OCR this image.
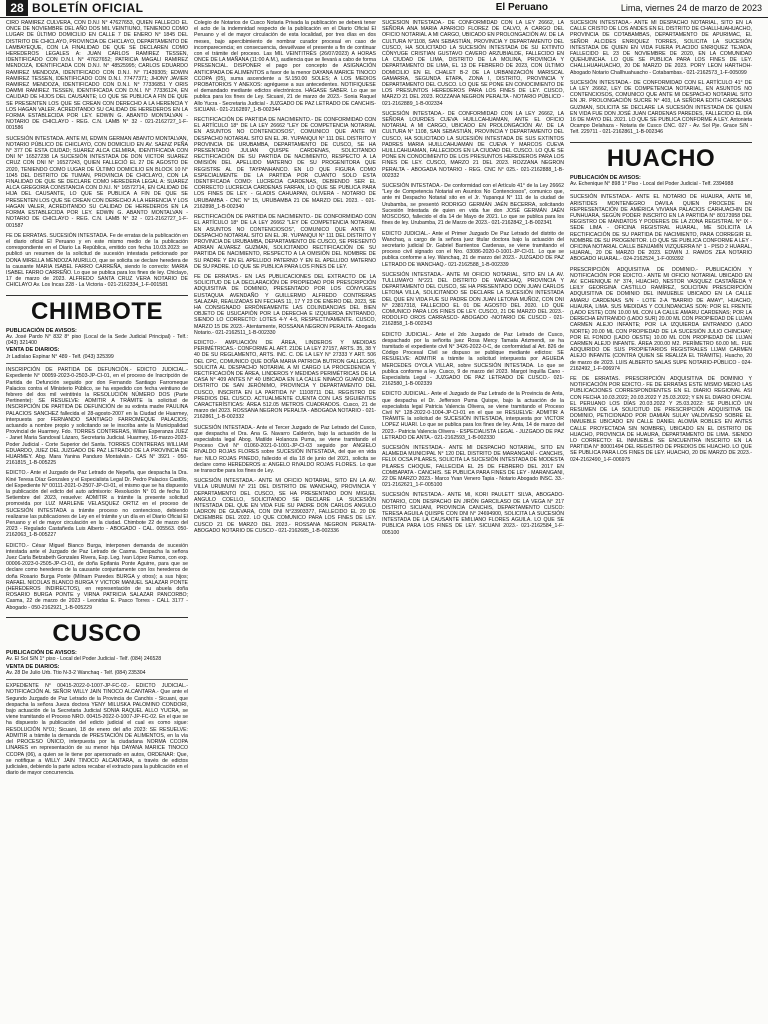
28 BOLETÍN OFICIAL	El Peruano	Lima, viernes 24 de marzo de 2023

CIRO RAMIREZ CULVERA, CON D.N.I N° 47627653, QUIEN FALLECIÓ EL ONCE DE NOVIEMBRE DEL AÑO DOS MIL VEINTIUNO, TENIENDO COMO LUGAR DE ÚLTIMO DOMICILIO EN CALLE 7 DE ENERO N° 1845 DEL DISTRITO DE CHICLAYO, PROVINCIA DE CHICLAYO, DEPARTAMENTO DE LAMBAYEQUE, CON LA FINALIDAD DE QUE SE DECLAREN COMO HEREDEROS LEGALES A: JUAN CARLOS RAMIREZ TESSEN, IDENTIFICADO CON D.N.I. N° 47627652; PATRICIA MAGALI RAMIREZ MENDOZA, IDENTIFICADA CON D.N.I. N° 48525995; CARLOS EDUARDO RAMIREZ MENDOZA, IDENTIFICADO CON D.N.I. N° 71439305; EDWIN RAMIREZ TESSEN, IDENTIFICADO CON D.N.I. 77477371; JHONY JAVIER RAMIREZ MENDOZA, IDENTIFICADO CON D.N.I. N° 77336851 Y ORIS DAMMI RAMIREZ TESSEN, IDENTIFICADA CON D.N.I. N° 77336124, EN CALIDAD DE HIJOS DEL CAUSANTE; LO QUE SE PUBLICA A FIN DE QUE SE PRESENTEN LOS QUE SE CREAN CON DERECHO A LA HERENCIA Y LOS HAGAN VALER. ACREDITANDO SU CALIDAD DE HEREDEROS EN LA FORMA ESTABLECIDA POR LEY. EDWIN G. ABANTO MONTALVAN - NOTARIO DE CHICLAYO - REG. C.N. LAMB N° 32 - 021-2162727_1-F-001586

SUCESIÓN INTESTADA. ANTE MI, EDWIN GERMAN ABANTO MONTALVAN, NOTARIO PÚBLICO DE CHICLAYO, CON DOMICILIO EN AV. SAENZ PEÑA N° 377 DE ESTA CIUDAD; SUAREZ ALCA CELMIRA, IDENTIFICADA CON DNI N° 16527238 LA SUCESIÓN INTESTADA DE DON VICTOR SUAREZ CRUZ CON DNI N° 16527243, QUIEN FALLECIÓ EL 27 DE AGOSTO DE 2020, TENIENDO COMO LUGAR DE ÚLTIMO DOMICILIO EN BLOCK 10 N° 1045 DEL DISTRITO DE TUMAN, PROVINCIA DE CHICLAYO, CON LA FINALIDAD DE QUE SE DECLARE COMO HEREDERA LEGAL A: SUAREZ ALCA GREGORIA CONSTANCIA CON D.N.I. N° 16572714, EN CALIDAD DE HIJA DEL CAUSANTE, LO QUE SE PUBLICA A FIN DE QUE SE PRESENTEN LOS QUE SE CREAN CON DERECHO A LA HERENCIA Y LOS HAGAN VALER, ACREDITANDO SU CALIDAD DE HEREDEROS EN LA FORMA ESTABLECIDA POR LEY. EDWIN G. ABANTO MONTALVAN - NOTARIO DE CHICLAYO - REG. C.N. LAMB N° 32 - 021-2162727_1-F-001587

FE DE ERRATAS. SUCESIÓN INTESTADA. Fe de erratas de la publicación en el diario oficial El Peruano y en este mismo medio de la publicación correspondiente en el Diario La República, emitido con fecha 10.03.2023: se publicó un resumen de la solicitud de sucesión intestada peticionado por DONA MIRELLA MENDOZA MURILLO, que se solicita se declare heredera de la causante MARIA ISABEL FARRO CARREÑA, siendo lo correcto: MARIA ISABEL FARRO CARREÑO. Lo que se publica para los fines de ley. Chiclayo, 17 de marzo de 2023. ALFREDO SANTA CRUZ VERA NOTARIO DE CHICLAYO Av. Los Incas 228 - La Victoria - 021-2162334_1-F-001581

CHIMBOTE
PUBLICACIÓN DE AVISOS:
Av. José Pardo N° 832 8° piso (Local de la Sede Judicial Principal) - Telf.: (043) 321400
VENTA DE DIARIOS:
Jr Ladislao Espinar N° 489 - Telf. (043) 325399

INSCRIPCIÓN DE PARTIDA DE DEFUNCIÓN.- EDICTO JUDICIAL.- Expediente N° 00059-2023-0-2503-JP-CI-01, en el proceso de Inscripción de Partida de Defunción seguido por don Fernando Santiago Farromeque Palacios contra el Ministerio Público, se ha expedido con fecha veintiuno de febrero del dos mil veintitrés la RESOLUCIÓN NÚMERO DOS (Parte Pertinente): SE RESUELVE: ADMITIR A TRÁMITE la solicitud de INSCRIPCIÓN DE PARTIDA DE DEFUNCIÓN de su extinta madre PAULINA PALACIOS SANCHEZ fallecida el 28-agosto-2007 en la Ciudad de Huarmey, interpuesta por FERNANDO SANTIAGO FARROMEQUE PALACIOS; actuando a nombre propio y solicitando se le inscriba ante la Municipalidad Provincial de Huarmey. Fdo. TORRES CONTRERAS, Wilian Esperanza JUEZ - Janet Maria Sandoval Lázaro, Secretaria Judicial. Huarmey, 16-marzo-2023-Poder Judicial - Corte Superior del Santa. TORRES CONTRERAS WILLIAM EDUARDO, JUEZ DEL JUZGADO DE PAZ LETRADO DE LA PROVINCIA DE HUARMEY. Abg. Mara Yanina Panduro Montalván.- CAS N° 3921 - 050-2161815_1-B-005225

EDICTO.- Ante el Juzgado de Paz Letrado de Nepeña, que despacha la Dra. Kiné Teresa Díaz Gonzales y el Especialista Legal Dr. Pedro Palacios Castillo, del Expediente N° 00111-2021-0-2507-JP-CI-01, el mismo que se ha dispuesto la publicación del edicto del auto admisorio: Resolución N° 01 de fecha 10 Setiembre del 2023, resuelve: ADMITIR a trámite la presente solicitud promovida por LUZ MARLENE VELASQUEZ ORTIZ en el proceso de SUCESIÓN INTESTADA a trámite proceso no contencioso, debiendo realizarse las publicaciones de Ley en el trámite y un día en el Diario Oficial El Peruano y el de mayor circulación en la ciudad. Chimbote 22 de marzo del 2023 - Regulado Castañeda Luis Alberto - ABOGADO - CAL. 005563. 050-2162063_1-B-005227

EDICTO.- César Miguel Bianco Burga, interponen demanda de sucesión intestada ante el Juzgado de Paz Letrado de Casma. Despacha la señora Juez Carla Betzabeth Gonzales Rivera, Esp. Leg. Ivan López Ramos, con exp. 00006-2023-0-2505-JP-CI-01, de doña Epifania Ponte Aguirre, para que se declare como herederos de la causante conjuntamente con los herederos de doña Rosario Burga Ponte (Milnam Paredes BURGA y otros); a sus hijos; RAFAEL NICOLAS BLANCO BURGA Y VICTOR MANUEL SALAZAR PONTE (HEREDEROS INDIRECTOS), en representación de su abuela doña ROSARIO BURGA PONTE y VIRNA PATRICIA SALAZAR PANCORBO; Casma, 22 de marzo de 2023 - Leonidas E. Pasco Torres - CALL 3177 - Abogado - 050-2162921_1-B-005229

CUSCO
PUBLICACIÓN DE AVISOS:
Av. El Sol S/N 1° piso - Local del Poder Judicial - Telf. (084) 246528
VENTA DE DIARIOS:
Av. 28 De Julio Urb. Ttio N-3-2 Wanchaq - Telf. (084) 235304

EXPEDIENTE N° 00415-2022-0-1007-JP-FC-02.- EDICTO JUDICIAL.- NOTIFICACIÓN AL SEÑOR WILLY JAIN TINOCO ALCANTARA.- Que ante el Segundo Juzgado de Paz Letrado de la Provincia de Canchis - Sicuani, que despacha la señora Jueza doctora YENY MILUSKA PALOMINO CONDORI, bajo actuación de la Secretaria Judicial SONIA RAQUEL ALLO YUCRA, se viene tramitando el Proceso NRO. 00415-2022-0-1007-JP-FC-02. En el que se ha dispuesto la publicación del edicto judicial el cual es como sigue: RESOLUCIÓN N°01; Sicuani, 18 de enero del año 2023: SE RESUELVE: ADMITIR a trámite la demanda de PRESTACIÓN DE ALIMENTOS, en la vía del PROCESO ÚNICO, interpuesta por la ciudadana NORMA CCOPA LINARES en representación de su menor hija DAYANA MARICE TINOCO CCOPA (06), a quien se le tiene por apersonado en autos, ORDENAR: Que, se notifique a WILLY JAIN TINOCO ALCANTARA, a través de edictos judiciales, debiendo la parte actora recabar el extracto para la publicación en el diario de mayor concurrencia.

Colegio de Notarios de Cusco Notaria Privada la publicación se deberá tener el acto de la indemnidad respecto de la publicación en el Diario Oficial El Peruano y el de mayor circulación de esta localidad, por tres días en dos meses, bajo apercibimiento de nombrar curador procesal en caso de incomparecencia; en consecuencia, devuélvase el presente a fin de continuar con el trámite del proceso. Las MIL VEINTITRÉS (26/07/2023) A HORAS ONCE DE LA MAÑANA (11:00 A.M.), audiencia que se llevará a cabo de forma PRESENCIAL. DISPONER el pago por concepto de ASIGNACIÓN ANTICIPADA DE ALIMENTOS a favor de la menor DAYANA MARICE TINOCO CCOPA (05), suma ascendente a S/.150.00 SOLES; A LOS MEDIOS PROBATORIOS Y ANEXOS: agréguese a sus antecedentes. NOTIFIQUESE el demandado mediante edictos electrónicos. HÁGASE SABER. Lo que se publica para los fines de Ley. Sicuani, 21 de marzo de 2023.- Sonia Raquel Allo Yucra - Secretaria Judicial - JUZGADO DE PAZ LETRADO DE CANCHIS-SICUANI.- 021-2162897_1-B-002344

RECTIFICACIÓN DE PARTIDA DE NACIMIENTO.- DE CONFORMIDAD CON EL ARTÍCULO 18° DE LA LEY 26662 "LEY DE COMPETENCIA NOTARIAL EN ASUNTOS NO CONTENCIOSOS", COMUNICO QUE ANTE MI DESPACHO NOTARIAL SITO EN EL JR. YUPANQUI N° 111 DEL DISTRITO Y PROVINCIA DE URUBAMBA, DEPARTAMENTO DE CUSCO, SE HA PRESENTADO JULIAN QUISPE CARDENAS, SOLICITANDO RECTIFICACIÓN DE SU PARTIDA DE NACIMIENTO, RESPECTO A LA OMISIÓN DEL APELLIDO MATERNO DE SU PROGENITORA QUE REGISTRE AL DE TAYPANHANCO. EN LO QUE FIGURA COMO ESPECIALMENTE DE LA PARTIDA POR CUANTO SOLO ESTA IDENTIFICADA COMO: LUCRECIA CARDENAS, DEBIENDO SER EL CORRECTO LUCRECIA CARDENAS FARFAN, LO QUE SE PUBLICA PARA LOS FINES DE LEY. - GLADIS CAHUAPAN, OLIVERA - NOTARIO DE URUBAMBA - CNC N° 15, URUBAMBA 21 DE MARZO DEL 2023. - 021-2162898_1-B-002340

RECTIFICACIÓN DE PARTIDA DE NACIMIENTO.- DE CONFORMIDAD CON EL ARTÍCULO 18° DE LA LEY 26662 "LEY DE COMPETENCIA NOTARIAL EN ASUNTOS NO CONTENCIOSOS", COMUNICO QUE ANTE MI DESPACHO NOTARIAL SITO EN EL JR. YUPANQUI N° 111 DEL DISTRITO Y PROVINCIA DE URUBAMBA, DEPARTAMENTO DE CUSCO, SE PRESENTÓ ADRIAN ALVAREZ GUZMAN, SOLICITANDO RECTIFICACIÓN DE SU PARTIDA DE NACIMIENTO, RESPECTO A LA OMISIÓN DEL NOMBRE DE SU PADRE Y EN EL APELLIDO PATERNO Y EN EL APELLIDO MATERNO DE SU PADRE. LO QUE SE PUBLICA PARA LOS FINES DE LEY.

FE DE ERRATAS.- EN LAS PUBLICACIONES DEL EXTRACTO DE LA SOLICITUD DE LA DECLARACIÓN DE PROPIEDAD POR PRESCRIPCIÓN ADQUISITIVA DE DOMINIO, PRESENTADO POR LOS CÓNYUGES EUSTAQUIA AVENDAÑO Y GUILLERMO ALFREDO CONTRERAS SALAZAR, REALIZADAS EN FECHAS 11, 17 Y 23 DE ENERO DEL 2023, SE HA CONSIGNADO ERRÓNEAMENTE LAS COLINDANCIAS DEL BIEN OBJETO DE USUCAPIÓN POR LA DERECHA E IZQUIERDA ENTRANDO, SIENDO LO CORRECTO: LOTES 4-Y 4-5, RESPECTIVAMENTE. CUSCO, MARZO 15 DE 2023.- Atentamente, ROSSANA NEGRON PERALTA- Abogada Notario.- 021-2162511_1-B-002330

EDICTO.- AMPLIACIÓN DE ÁREA, LINDEROS Y MEDIDAS PERIMÉTRICAS.- CONFORME AL ART. 21DE LA LEY 27157, ARTS. 35, 38 Y 40 DE SU REGLAMENTO, ARTS. INC. C. DE LA LEY N° 27333 Y ART. 506 DEL CPC, COMUNICO QUE DOÑA MARIA PATRICIA BUTRON GALLEGOS, SOLICITA AL DESPACHO NOTARIAL A MI CARGO LA PROCEDENCIA Y RECTIFICACIÓN DE ÁREA, LINDEROS Y MEDIDAS PERIMÉTRICAS DE LA CASA N° 409 ANTES N° 40 UBICADA EN LA CALLE NINACÓ GUANO DEL DISTRITO DE SAN JERÓNIMO, PROVINCIA Y DEPARTAMENTO DEL CUSCO, INSCRITA EN LA PARTIDA N° 11108711 DEL REGISTRO DE PREDIOS DEL CUSCO. ACTUALMENTE CUENTA CON LAS SIGUIENTES CARACTERÍSTICAS: ÁREA 512.05 METROS CUADRADOS. Cusco, 21 de marzo del 2023. ROSSANA NEGRON PERALTA - ABOGADA NOTARIO - 021-2162861_1-B-002332

SUCESIÓN INTESTADA.- Ante el Tercer Juzgado de Paz Letrado del Cusco, que despacha el Dra. Ana G. Navarro Calderón, bajo la actuación de la especialista legal Abog. Matilde Holanoza Puma, se viene tramitando el Proceso Civil N° 01060-2021-0-1001-JP-CI-03 seguido por ANGIELO RIVALDO ROJAS FLORES sobre SUCESIÓN INTESTADA, del que en vida fue: NILO ROJAS PINEDO, fallecido el día 18 de junio del 2021, solicita se declare como HEREDEROS a: ANGELO RIVALDO ROJAS FLORES. Lo que se transcribe para los fines de Ley.

SUCESIÓN INTESTADA.- ANTE MI OFICIO NOTARIAL, SITO EN LA AV. VILLA URUMUMI N° 211 DEL DISTRITO DE WANCHAQ, PROVINCIA Y DEPARTAMENTO DEL CUSCO, SE HA PRESENTADO DON MIGUEL ANGULO COELLO, SOLICITANDO SE DECLARE LA SUCESIÓN INTESTADA DEL QUE EN VIDA FUE SU PADRE DON CARLOS ANGULO LADRON DE GUEVARA, CON DNI N°23903377, FALLECIDO EL 20 DE DICIEMBRE DEL 2022. LO QUE COMUNICO PARA LOS FINES DE LEY. CUSCO 21 DE MARZO DEL 2023.- ROSSANA NEGRON PERALTA- ABOGADO NOTARIO DE CUSCO - 021-2162685_1-B-002336

SUCESIÓN INTESTADA.- DE CONFORMIDAD CON LA LEY 26662, LA SEÑORA ANA MARIA APARICIO FLOREZ DE CALVO, A CARGO DEL OFICIO NOTARIAL A MI CARGO, UBICADO EN PROLONGACIÓN AV. DE LA CULTURA N°1108, SAN SEBASTIÁN, PROVINCIA Y DEPARTAMENTO DEL CUSCO, HA SOLICITADO LA SUCESIÓN INTESTADA DE SU EXTINTO CÓNYUGE CRISTIAN GUSTAVO CAVERO ARZUBIALDE, FALLECIDO EN LA CIUDAD DE LIMA, DISTRITO DE LA MOLINA, PROVINCIA Y DEPARTAMENTO DE LIMA, EL 13 DE FEBRERO DE 2023, CON ÚLTIMO DOMICILIO EN EL CHALET B-2 DE LA URBANIZACIÓN MARISCAL GAMARRA, SEGUNDA ETAPA, ZONA I, DISTRITO, PROVINCIA Y DEPARTAMENTO DEL CUSCO. LO QUE SE PONE EN CONOCIMIENTO DE LOS PRESUNTOS HEREDEROS PARA LOS FINES DE LEY. CUSCO, MARZO 21 DEL 2023. ROZZANA NEGRON PERALTA - NOTARIO PÚBLICO - 021-2162889_1-B-002334

SUCESIÓN INTESTADA.- DE CONFORMIDAD CON LA LEY 26662, LA SEÑORA LOURDES CUEVA HUILLCAHUAMAN, ANTE EL OFICIO NOTARIAL A MI CARGO, UBICADO EN PROLONGACIÓN AV. DE LA CULTURA N° 1108, SAN SEBASTIÁN, PROVINCIA Y DEPARTAMENTO DEL CUSCO, HA SOLICITADO LA SUCESIÓN INTESTADA DE SUS EXTINTOS PADRES MARIA HUILLCAHUAMAN DE CUEVA Y MARCOS CUEVA HUILLCAHUAMAN, FALLECIDOS EN LA CIUDAD DEL CUSCO. LO QUE SE PONE EN CONOCIMIENTO DE LOS PRESUNTOS HEREDEROS PARA LOS FINES DE LEY. CUSCO, MARZO 21 DEL 2023. ROZZANA NEGRON PERALTA - ABOGADA NOTARIO - REG. CNC N° 025.- 021-2162888_1-B-002332

SUCESIÓN INTESTADA.- De conformidad con el Artículo 41° de la Ley 26662 "Ley de Competencia Notarial en Asuntos No Contenciosos", comunico que, ante mi Despacho Notarial sito en el Jr. Yupanqui N° 111 de la ciudad de Urubamba, se presentó RODRIGO GERMÁN JAÉN BECERRA, solicitando Sucesión Intestada de quien en vida fue don JOSÉ GERMÁN JAÉN MOSCOSO, fallecido el día 14 de Mayo de 2021. Lo que se publica para los fines de ley. Urubamba, 21 de Marzo de 2023.- 021-2162842_1-B-002341

EDICTO JUDICIAL.- Ante el Primer Juzgado De Paz Letrado del distrito de Wanchaq, a cargo de la señora juez titular doctora bajo la actuación del secretario judicial Dr. Gabriel Barrientos Cardenas, se viene tramitando el proceso civil signado con el Nro. 03086-2020-0-1001-JP-CI-01. Lo que se publica conforme a ley. Wanchaq, 21 de marzo del 2023.- JUZGADO DE PAZ LETRADO DE WANCHAQ.- 021-2162588_1-B-002339

SUCESIÓN INTESTADA.- ANTE MI OFICIO NOTARIAL, SITO EN LA AV. TULLUMAYO N°221 DEL DISTRITO DE WANCHAQ, PROVINCIA Y DEPARTAMENTO DEL CUSCO, SE HA PRESENTADO DON JUAN CARLOS LETONA VILLA, SOLICITANDO SE DECLARE LA SUCESIÓN INTESTADA DEL QUE EN VIDA FUE SU PADRE DON JUAN LETONA MUÑOZ, CON DNI N° 23817318, FALLECIDO EL 01 DE AGOSTO DEL 2020. LO QUE COMUNICO PARA LOS FINES DE LEY. CUSCO, 21 DE MARZO DEL 2023.- RODOLFO OROS CARRASCO- ABOGADO -NOTARIO DE CUSCO - 021-2162858_1-B-002343

EDICTO JUDICIAL.- Ante el 2do Juzgado de Paz Letrado de Cusco, despachado por la señorita juez Rosa Mercy Tamata Arizmendi, se ha tramitado el expediente civil N° 3426-2022-0-C, de conformidad al Art. 826 de Código Procesal Civil se dispuso se publique mediante edictos: SE RESUELVE: ADMITIR a trámite la solicitud interpuesta por AGUEDA MERCEDES OYOLA VILLAR, sobre SUCESIÓN INTESTADA. Lo que se publica conforme a ley. Cusco, 9 de marzo del 2023. Margot Inquilla Cano - Especialista Legal - JUZGADO DE PAZ LETRADO DE CUSCO.- 021-2162580_1-B-002339

EDICTO JUDICIAL.- Ante el Juzgado de Paz Letrado de la Provincia de Anta, que despacha el Dr. Jefferson Puma Quispe, bajo la actuación de la especialista legal Patricia Valencia Olivera, se viene tramitando el Proceso Civil N° 128-2022-0-1004-JP-CI-01 en el que se RESUELVE: ADMITIR A TRÁMITE la solicitud de SUCESIÓN INTESTADA, interpuesta por VICTOR LOPEZ HUARI. Lo que se publica para los fines de ley. Anta, 14 de marzo del 2023.- Patricia Valencia Olivera - ESPECIALISTA LEGAL - JUZGADO DE PAZ LETRADO DE ANTA.- 021-2162593_1-B-002330

SUCESIÓN INTESTADA.- ANTE MI DESPACHO NOTARIAL, SITO EN ALAMEDA MUNICIPAL N° 120 DEL DISTRITO DE MARANGANÍ - CANCHIS, FELIX OCSA PILARES, SOLICITA LA SUCESIÓN INTESTADA DE MODESTA PILARES CHOQUE, FALLECIDA EL 25 DE FEBRERO DEL 2017 EN COMBAPATA - CANCHIS. SE PUBLICA PARA FINES DE LEY - MARANGANI, 22 DE MARZO 2023.- Marco Yvan Venero Tapia - Notario Abogado INSC. 33.- 021-2162621_1-F-005100

SUCESIÓN INTESTADA.- ANTE MI, KORI PAULETT SILVA, ABOGADO-NOTARIO, CON DESPACHO EN JIRÓN GARCILASO DE LA VEGA N° 217 DISTRITO SICUANI, PROVINCIA CANCHIS, DEPARTAMENTO CUSCO: TERESA AGUILA QUISPE CON DNI N° 24694900, SOLICITA LA SUCESIÓN INTESTADA DE LA CAUSANTE EMILIANO FLORES AGUILA. LO QUE SE PUBLICA PARA LOS FINES DE LEY. SICUANI 2023.- 021-2162584_1-F-005100

SUCESIÓN INTESTADA.- ANTE MI DESPACHO NOTARIAL, SITO EN LA CALLE CRISTO DE LOS ANDES EN EL DISTRITO DE CHALLHUAHUACHO, PROVINCIA DE COTABAMBAS, DEPARTAMENTO DE APURIMAC, EL SEÑOR ALCIDES ENRIQUEZ TORRES, SOLICITA LA SUCESIÓN INTESTADA DE QUIEN EN VIDA FUERA PLACIDO ENRIQUEZ TEJADA, FALLECIDO EL 23 DE NOVIEMBRE DE 2020, EN LA COMUNIDAD QUEHUINCHA. LO QUE SE PUBLICA PARA LOS FINES DE LEY. CHALLHUAHUACHO, 20 DE MARZO DE 2023. PORY LEON HARTHOH- Abogado Notario Challhuahuacho - Cotabambas.- 021-2162573_1-F-005099

SUCESIÓN INTESTADA.- DE CONFORMIDAD CON EL ARTÍCULO 41° DE LA LEY 26662, LEY DE COMPETENCIA NOTARIAL, EN ASUNTOS NO CONTENCIOSOS, COMUNICO QUE ANTE MI DESPACHO NOTARIAL SITO EN JR. PROLONGACIÓN SUCRE N° 403, LA SEÑORA EDITH CARDENAS GUZMAN, SOLICITA SE DECLARE LA SUCESIÓN INTESTADA DE QUIEN EN VIDA FUE DON JOSÉ JUAN CARDENAS PAREDES, FALLECIDO EL DÍA 16 DE MAYO DEL 2021. LO QUE SE PUBLICA CONFORME A LEY. Antonieta Ocampo Delahaza - Notaria de Cusco CNC. 027 - Av. Sol Pje. Grace S/N - Telf. 229711 - 021-2162861_1-B-002346

HUACHO
PUBLICACIÓN DE AVISOS:
Av. Echenique N° 898 1° Piso - Local del Poder Judicial - Telf. 2394988

SUCESIÓN INTESTADA.- ANTE EL NOTARIO DE HUAURA, ANTE MI, ARISTIDES MONTENEGRO DAVILA QUIEN PROCEDE EN REPRESENTACIÓN DE AMÉRICA VIVIANA PALACIOS CARHUACHIN DE FUNHUARA, SEGÚN PODER INSCRITO EN LA PARTIDA N° 80173958 DEL REGISTRO DE MANDATOS Y PODERES DE LA ZONA REGISTRAL N° IX - SEDE LIMA - OFICINA REGISTRAL HUARAL, ME SOLICITA LA RECTIFICACIÓN DE SU PARTIDA DE NACIMIENTO, PARA CORREGIR EL NOMBRE DE SU PROGENITOR. LO QUE SE PUBLICA CONFORME A LEY - OFICINA NOTARIAL CALLE BENJAMÍN VIZQUERRA N° 1 - PISO 2 HUARAL, HUARAL, 20 DE MARZO DE 2023. EDWIN J. RAMOS ZEA NOTARIO ABOGADO HUARAL.- 024-2162524_1-F-009392

PRESCRIPCIÓN ADQUISITIVA DE DOMINIO.- PUBLICACIÓN Y NOTIFICACIÓN POR EDICTO.- ANTE MI OFICIO NOTARIAL UBICADO EN AV. ECHENIQUE N° 374, HUACHO, NESTOR VASQUEZ CASTAÑEDA Y LEILY GEORGINA CASTILLO RAMÍREZ, SOLICITAN PRESCRIPCIÓN ADQUISITIVA DE DOMINIO DEL INMUEBLE UBICADO EN LA CALLE AMARU CARDENAS S/N - LOTE 2-A "BARRIO DE AMAY", HUACHO, HUAURA, LIMA. SUS MEDIDAS Y COLINDANCIAS SON: POR EL FRENTE (LADO ESTE) CON 10.00 ML CON LA CALLE AMARU CARDENAS; POR LA DERECHA ENTRANDO (LADO SUR) 20.00 ML CON PROPIEDAD DE LUJAN CARMEN ALEJO INFANTE; POR LA IZQUIERDA ENTRANDO (LADO NORTE) 20.00 ML CON PROPIEDAD DE LA SUCESIÓN JULIO CHINCHAY; POR EL FONDO (LADO OESTE) 10.00 ML CON PROPIEDAD DE LUJAN CARMEN ALEJO INFANTE. ÁREA 200.00 M2. PERÍMETRO 60.00 ML. FUE ADQUIRIDO DE SUS PROPIETARIOS REGISTRALES LIJAM CARMEN ALEJO INFANTE (CONTRA QUIEN SE REALIZA EL TRÁMITE). Huacho, 20 de marzo de 2023. LUIS ALBERTO SALAS SUPE NOTARIO-PÚBLICO - 024-2162492_1-F-006974

FE DE ERRATAS. PRESCRIPCIÓN ADQUISITIVA DE DOMINIO Y NOTIFICACIÓN POR EDICTO.- FE DE ERRATAS ESTE MISMO MEDIO LAS PUBLICACIONES CORRESPONDIENTES EN EL DIARIO REGIONAL ASI CON FECHA 10.03.2022; 20.03.2022 Y 25.03.2022; Y EN EL DIARIO OFICIAL EL PERUANO LOS DÍAS 20.03.2022 Y 25.03.2022: SE PUBLICÓ UN RESUMEN DE LA SOLICITUD DE PRESCRIPCIÓN ADQUISITIVA DE DOMINIO, PETICIONADO POR DAMIÁN SULAY VALDIVIESO SOBRE EL INMUEBLE UBICADO EN CALLE DANIEL ALOMÍA ROBLES EN ANTES CALLE PROYECTADA SIN NOMBRE), UBICADO EN EL DISTRITO DE HUACHO, PROVINCIA DE HUAURA, DEPARTAMENTO DE LIMA. SIENDO LO CORRECTO: EL INMUEBLE SE ENCUENTRA INSCRITO EN LA PARTIDA N° 80001494 DEL REGISTRO DE PREDIOS DE HUACHO. LO QUE SE PUBLICA PARA LOS FINES DE LEY. HUACHO, 20 DE MARZO DE 2023.- 024-2162490_1-F-006975
